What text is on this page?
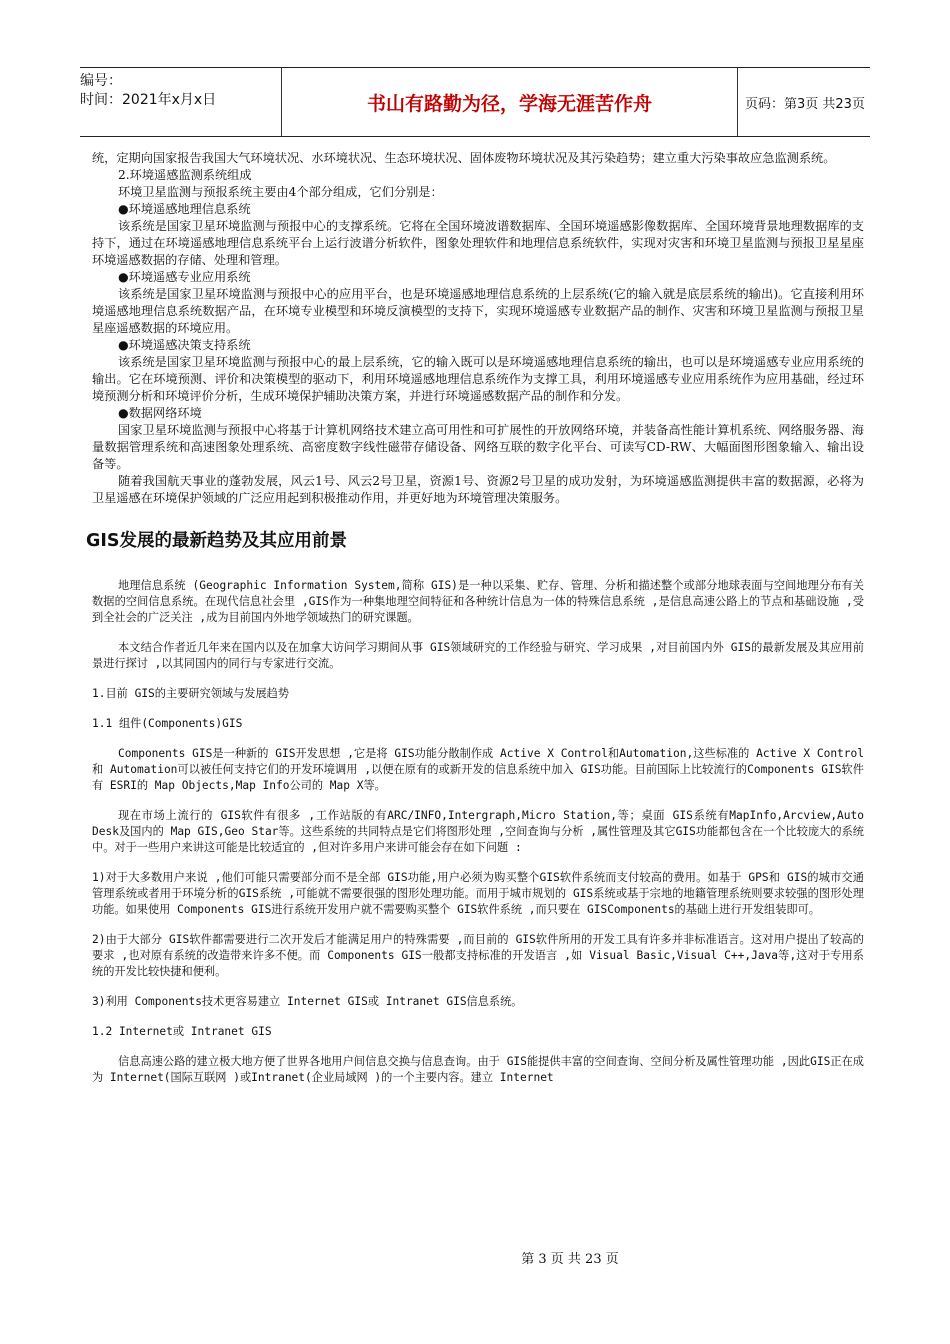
编号：
时间：2021年x月x日	书山有路勤为径，学海无涯苦作舟	页码：第3页 共23页

统，定期向国家报告我国大气环境状况、水环境状况、生态环境状况、固体废物环境状况及其污染趋势；建立重大污染事故应急监测系统。

2.环境遥感监测系统组成

环境卫星监测与预报系统主要由4个部分组成，它们分别是：

●环境遥感地理信息系统

该系统是国家卫星环境监测与预报中心的支撑系统。它将在全国环境波谱数据库、全国环境遥感影像数据库、全国环境背景地理数据库的支持下，通过在环境遥感地理信息系统平台上运行波谱分析软件，图象处理软件和地理信息系统软件，实现对灾害和环境卫星监测与预报卫星星座环境遥感数据的存储、处理和管理。

●环境遥感专业应用系统

该系统是国家卫星环境监测与预报中心的应用平台，也是环境遥感地理信息系统的上层系统(它的输入就是底层系统的输出)。它直接利用环境遥感地理信息系统数据产品，在环境专业模型和环境反演模型的支持下，实现环境遥感专业数据产品的制作、灾害和环境卫星监测与预报卫星星座遥感数据的环境应用。

●环境遥感决策支持系统

该系统是国家卫星环境监测与预报中心的最上层系统，它的输入既可以是环境遥感地理信息系统的输出，也可以是环境遥感专业应用系统的输出。它在环境预测、评价和决策模型的驱动下，利用环境遥感地理信息系统作为支撑工具，利用环境遥感专业应用系统作为应用基础，经过环境预测分析和环境评价分析，生成环境保护辅助决策方案，并进行环境遥感数据产品的制作和分发。

●数据网络环境

国家卫星环境监测与预报中心将基于计算机网络技术建立高可用性和可扩展性的开放网络环境，并装备高性能计算机系统、网络服务器、海量数据管理系统和高速图象处理系统、高密度数字线性磁带存储设备、网络互联的数字化平台、可读写CD-RW、大幅面图形图象输入、输出设备等。

随着我国航天事业的蓬勃发展，风云1号、风云2号卫星，资源1号、资源2号卫星的成功发射，为环境遥感监测提供丰富的数据源，必将为卫星遥感在环境保护领域的广泛应用起到积极推动作用，并更好地为环境管理决策服务。

GIS发展的最新趋势及其应用前景

地理信息系统 (Geographic Information System,简称 GIS)是一种以采集、贮存、管理、分析和描述整个或部分地球表面与空间地理分布有关数据的空间信息系统。在现代信息社会里 ,GIS作为一种集地理空间特征和各种统计信息为一体的特殊信息系统 ,是信息高速公路上的节点和基础设施 ,受到全社会的广泛关注 ,成为目前国内外地学领域热门的研究课题。

本文结合作者近几年来在国内以及在加拿大访问学习期间从事 GIS领域研究的工作经验与研究、学习成果 ,对目前国内外 GIS的最新发展及其应用前景进行探讨 ,以其同国内的同行与专家进行交流。

1.目前 GIS的主要研究领域与发展趋势

1.1 组件(Components)GIS

Components GIS是一种新的 GIS开发思想 ,它是将 GIS功能分散制作成 Active X Control和Automation,这些标准的 Active X Control和 Automation可以被任何支持它们的开发环境调用 ,以便在原有的或新开发的信息系统中加入 GIS功能。目前国际上比较流行的Components GIS软件有 ESRI的 Map Objects,Map Info公司的 Map X等。

现在市场上流行的 GIS软件有很多 ,工作站版的有ARC/INFO,Intergraph,Micro Station,等；桌面 GIS系统有MapInfo,Arcview,Auto Desk及国内的 Map GIS,Geo Star等。这些系统的共同特点是它们将图形处理 ,空间查询与分析 ,属性管理及其它GIS功能都包含在一个比较庞大的系统中。对于一些用户来讲这可能是比较适宜的 ,但对许多用户来讲可能会存在如下问题 :

1)对于大多数用户来说 ,他们可能只需要部分而不是全部 GIS功能,用户必须为购买整个GIS软件系统而支付较高的费用。如基于 GPS和 GIS的城市交通管理系统或者用于环境分析的GIS系统 ,可能就不需要很强的图形处理功能。而用于城市规划的 GIS系统或基于宗地的地籍管理系统则要求较强的图形处理功能。如果使用 Components GIS进行系统开发用户就不需要购买整个 GIS软件系统 ,而只要在 GISComponents的基础上进行开发组装即可。

2)由于大部分 GIS软件都需要进行二次开发后才能满足用户的特殊需要 ,而目前的 GIS软件所用的开发工具有许多并非标准语言。这对用户提出了较高的要求 ,也对原有系统的改造带来许多不便。而 Components GIS一般都支持标准的开发语言 ,如 Visual Basic,Visual C++,Java等,这对于专用系统的开发比较快捷和便利。

3)利用 Components技术更容易建立 Internet GIS或 Intranet GIS信息系统。

1.2 Internet或 Intranet GIS

信息高速公路的建立极大地方便了世界各地用户间信息交换与信息查询。由于 GIS能提供丰富的空间查询、空间分析及属性管理功能 ,因此GIS正在成为 Internet(国际互联网 )或Intranet(企业局域网 )的一个主要内容。建立 Internet

第 3 页 共 23 页
